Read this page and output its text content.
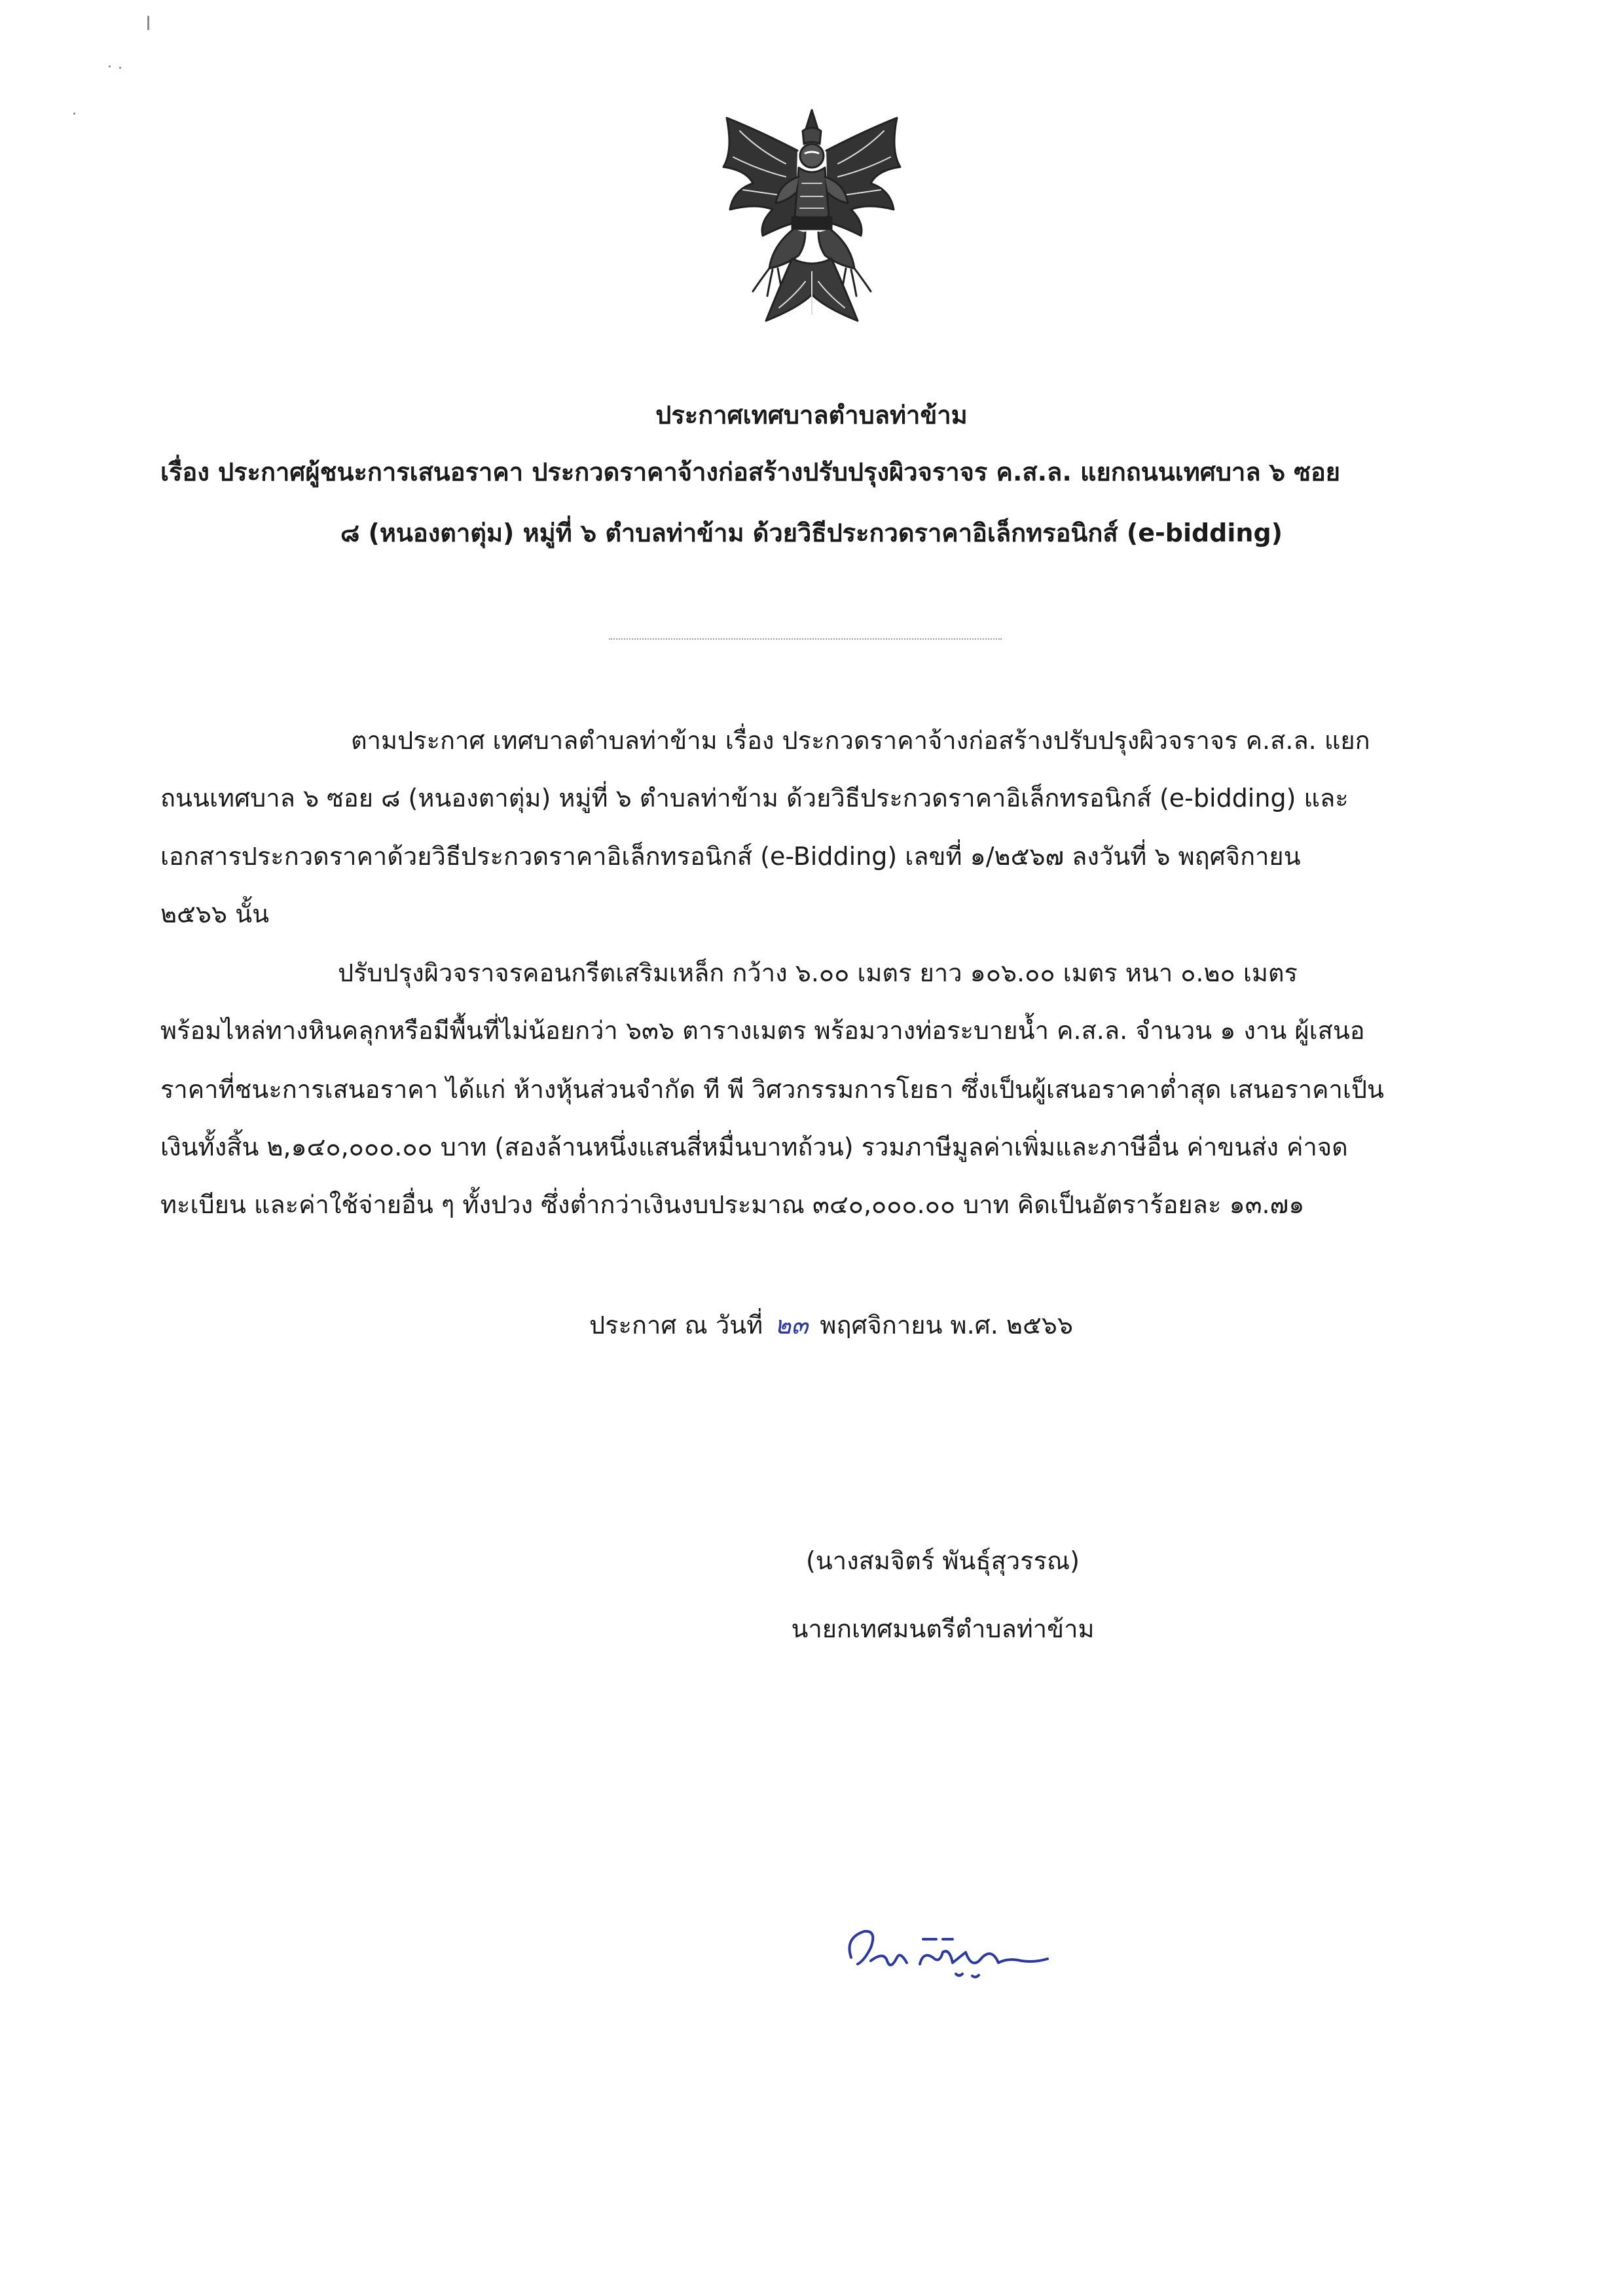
ประกาศเทศบาลตำบลท่าข้าม
เรื่อง ประกาศผู้ชนะการเสนอราคา ประกวดราคาจ้างก่อสร้างปรับปรุงผิวจราจร ค.ส.ล. แยกถนนเทศบาล ๖ ซอย
๘ (หนองตาตุ่ม) หมู่ที่ ๖ ตำบลท่าข้าม ด้วยวิธีประกวดราคาอิเล็กทรอนิกส์ (e-bidding)
ตามประกาศ เทศบาลตำบลท่าข้าม เรื่อง ประกวดราคาจ้างก่อสร้างปรับปรุงผิวจราจร ค.ส.ล. แยก
ถนนเทศบาล ๖ ซอย ๘ (หนองตาตุ่ม) หมู่ที่ ๖ ตำบลท่าข้าม ด้วยวิธีประกวดราคาอิเล็กทรอนิกส์ (e-bidding) และ
เอกสารประกวดราคาด้วยวิธีประกวดราคาอิเล็กทรอนิกส์ (e-Bidding) เลขที่ ๑/๒๕๖๗ ลงวันที่ ๖ พฤศจิกายน
๒๕๖๖ นั้น
ปรับปรุงผิวจราจรคอนกรีตเสริมเหล็ก กว้าง ๖.๐๐ เมตร ยาว ๑๐๖.๐๐ เมตร หนา ๐.๒๐ เมตร
พร้อมไหล่ทางหินคลุกหรือมีพื้นที่ไม่น้อยกว่า ๖๓๖ ตารางเมตร พร้อมวางท่อระบายน้ำ ค.ส.ล. จำนวน ๑ งาน ผู้เสนอ
ราคาที่ชนะการเสนอราคา ได้แก่ ห้างหุ้นส่วนจำกัด ที พี วิศวกรรมการโยธา ซึ่งเป็นผู้เสนอราคาต่ำสุด เสนอราคาเป็น
เงินทั้งสิ้น ๒,๑๔๐,๐๐๐.๐๐ บาท (สองล้านหนึ่งแสนสี่หมื่นบาทถ้วน) รวมภาษีมูลค่าเพิ่มและภาษีอื่น ค่าขนส่ง ค่าจด
ทะเบียน และค่าใช้จ่ายอื่น ๆ ทั้งปวง ซึ่งต่ำกว่าเงินงบประมาณ ๓๔๐,๐๐๐.๐๐ บาท คิดเป็นอัตราร้อยละ ๑๓.๗๑
ประกาศ ณ วันที่ ๒๓ พฤศจิกายน พ.ศ. ๒๕๖๖
(นางสมจิตร์ พันธุ์สุวรรณ)
นายกเทศมนตรีตำบลท่าข้าม
